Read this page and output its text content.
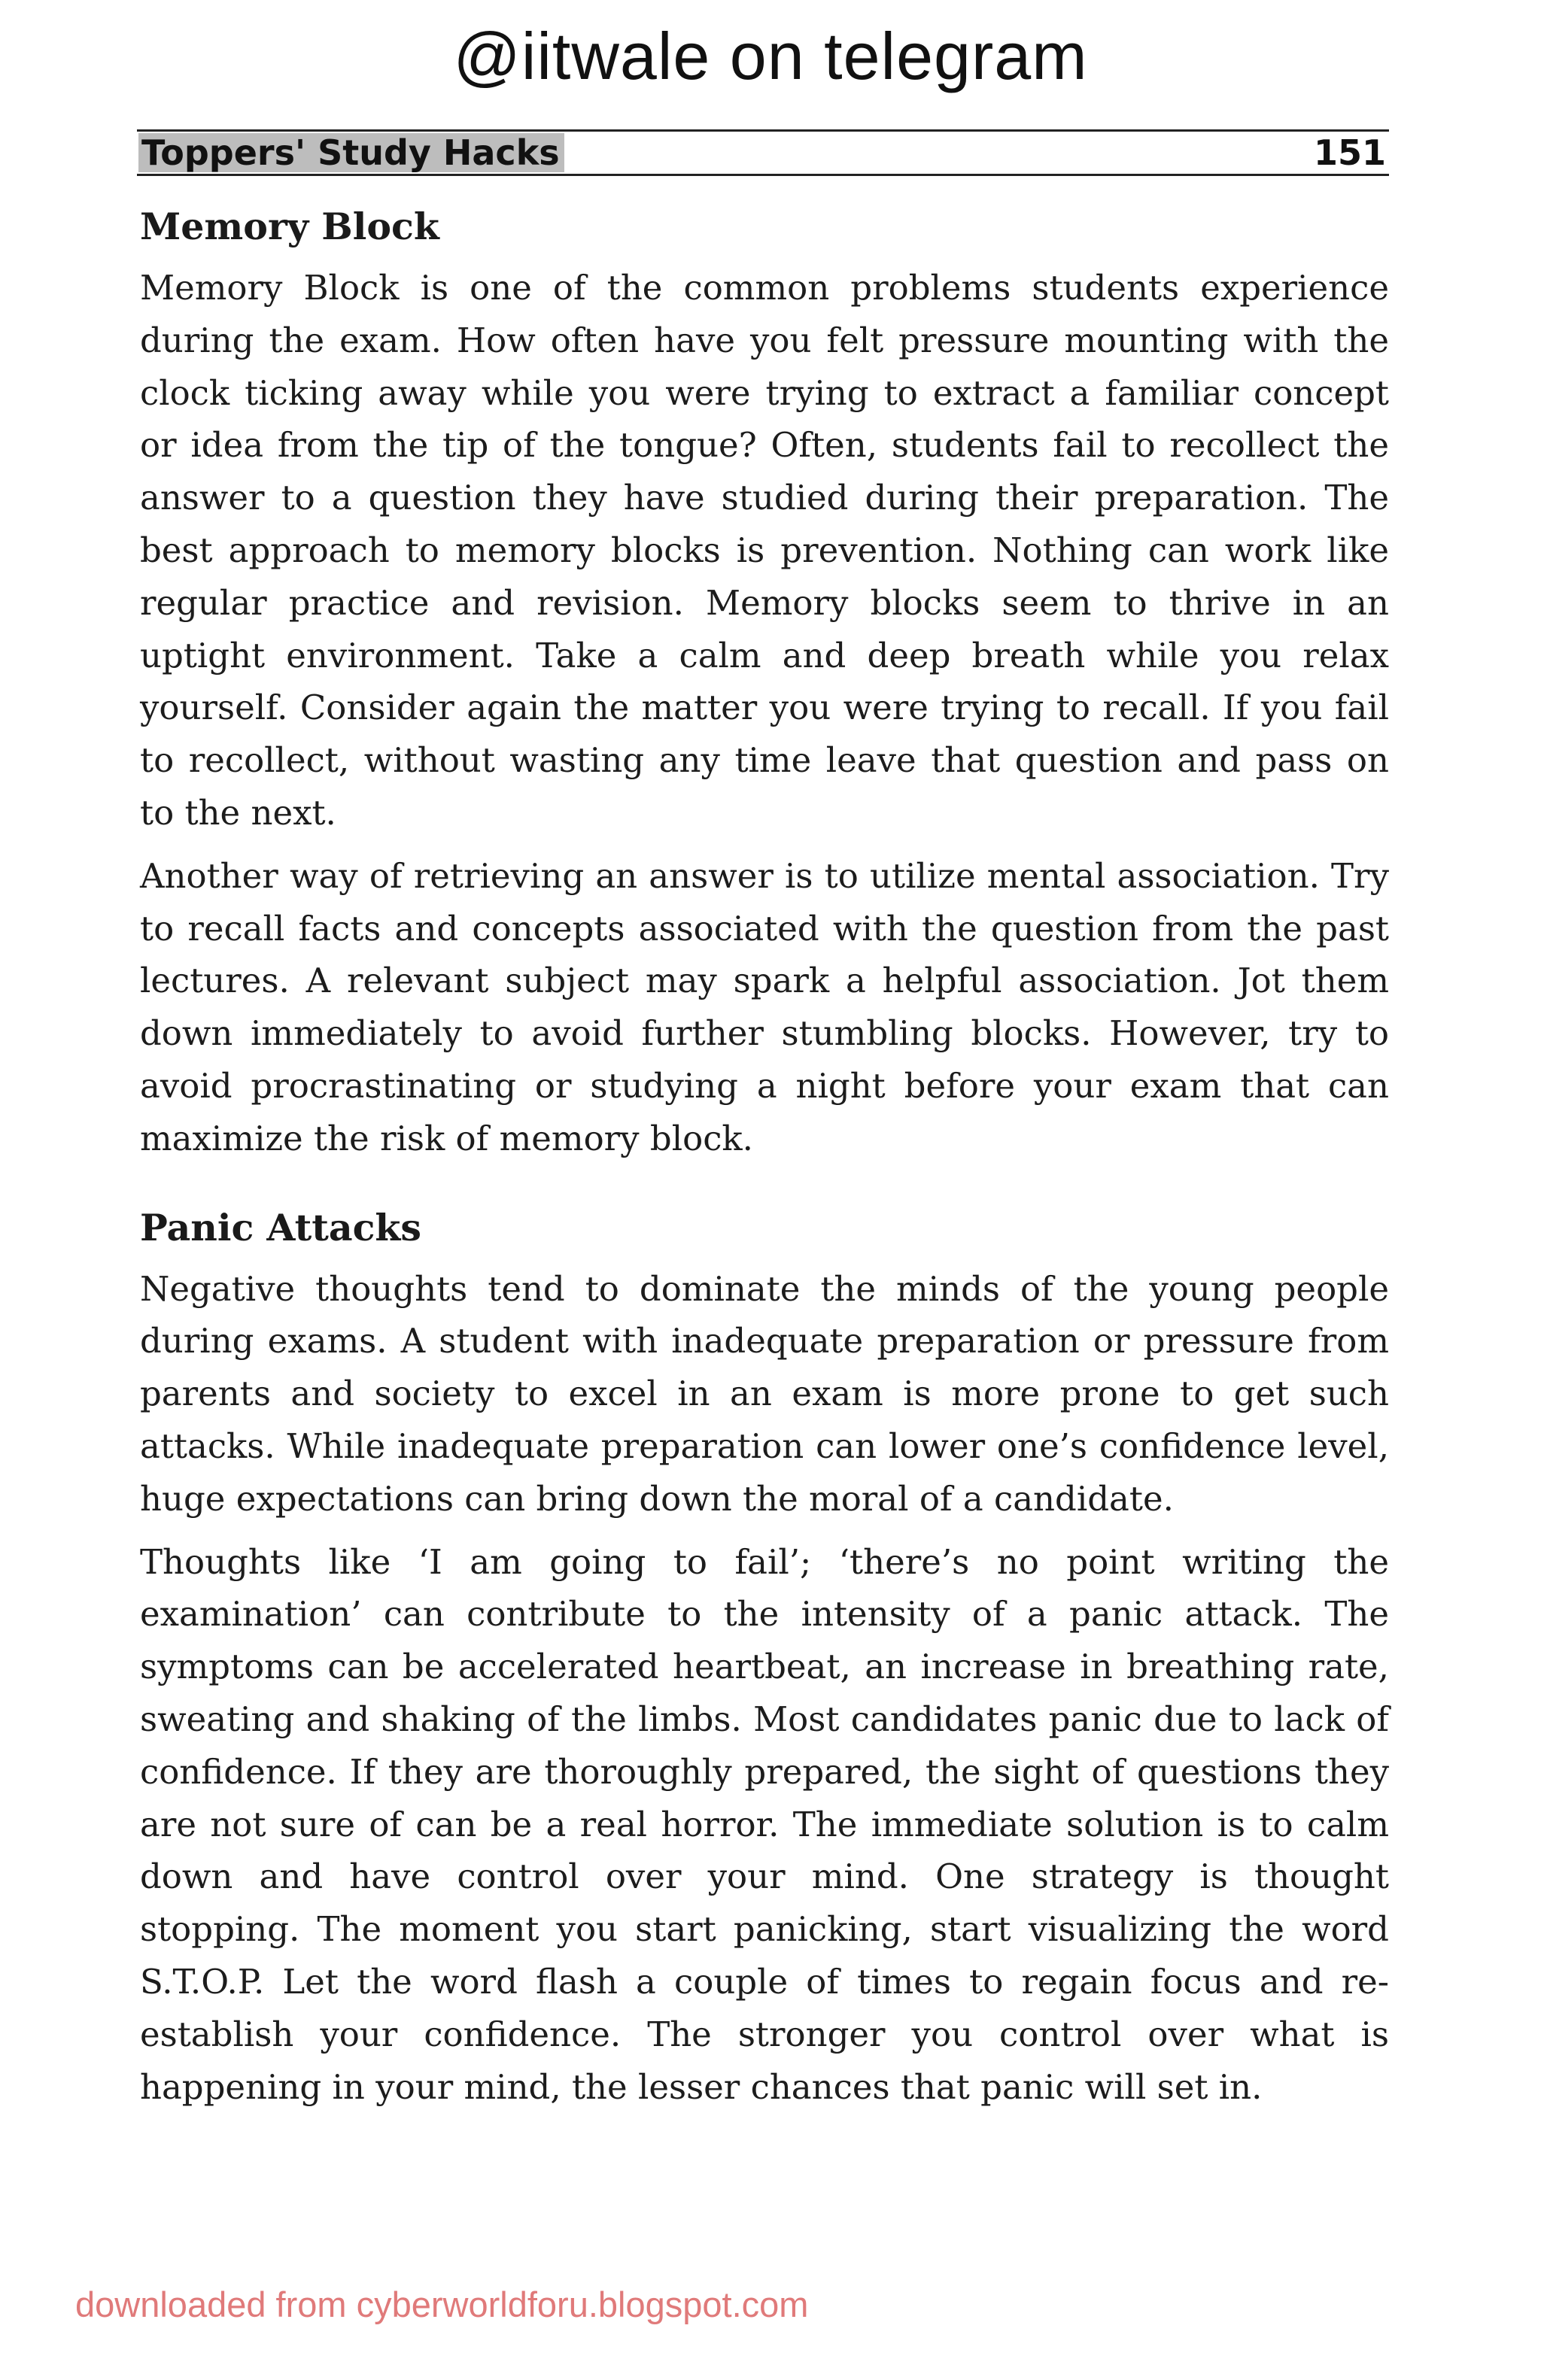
@iitwale on telegram
Toppers' Study Hacks	151
Memory Block

Memory Block is one of the common problems students experience during the exam. How often have you felt pressure mounting with the clock ticking away while you were trying to extract a familiar concept or idea from the tip of the tongue? Often, students fail to recollect the answer to a question they have studied during their preparation. The best approach to memory blocks is prevention. Nothing can work like regular practice and revision. Memory blocks seem to thrive in an uptight environment. Take a calm and deep breath while you relax yourself. Consider again the matter you were trying to recall. If you fail to recollect, without wasting any time leave that question and pass on to the next.

Another way of retrieving an answer is to utilize mental association. Try to recall facts and concepts associated with the question from the past lectures. A relevant subject may spark a helpful association. Jot them down immediately to avoid further stumbling blocks. However, try to avoid procrastinating or studying a night before your exam that can maximize the risk of memory block.

Panic Attacks

Negative thoughts tend to dominate the minds of the young people during exams. A student with inadequate preparation or pressure from parents and society to excel in an exam is more prone to get such attacks. While inadequate preparation can lower one’s confidence level, huge expectations can bring down the moral of a candidate.

Thoughts like ‘I am going to fail’; ‘there’s no point writing the examination’ can contribute to the intensity of a panic attack. The symptoms can be accelerated heartbeat, an increase in breathing rate, sweating and shaking of the limbs. Most candidates panic due to lack of confidence. If they are thoroughly prepared, the sight of questions they are not sure of can be a real horror. The immediate solution is to calm down and have control over your mind. One strategy is thought stopping. The moment you start panicking, start visualizing the word S.T.O.P. Let the word flash a couple of times to regain focus and re-establish your confidence. The stronger you control over what is happening in your mind, the lesser chances that panic will set in.

downloaded from cyberworldforu.blogspot.com
